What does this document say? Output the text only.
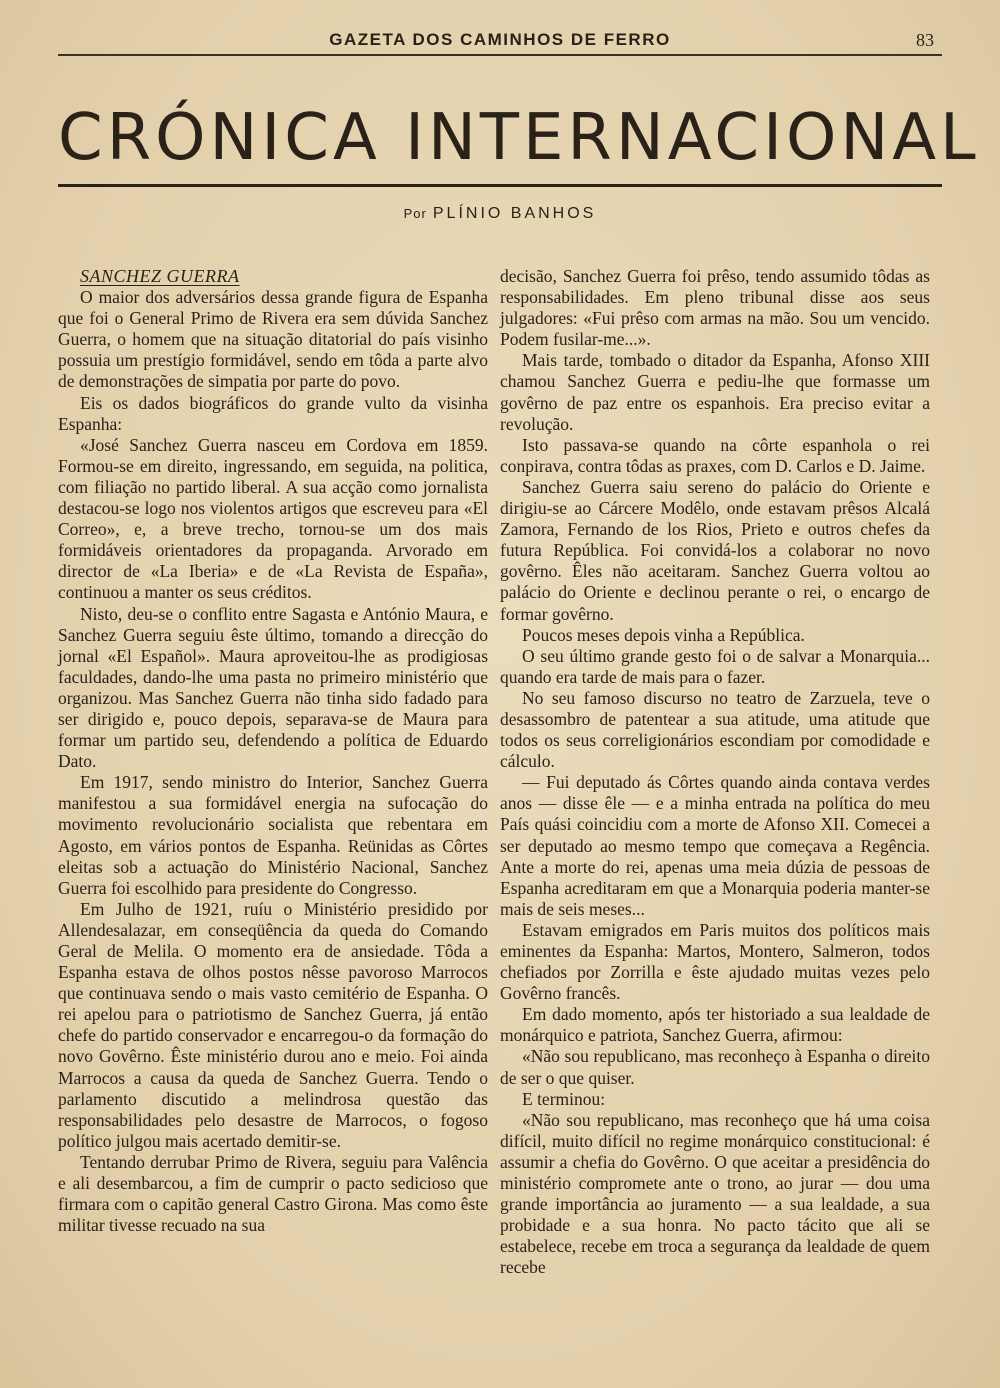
GAZETA DOS CAMINHOS DE FERRO	83
CRÓNICA INTERNACIONAL
Por PLÍNIO BANHOS

SANCHEZ GUERRA

O maior dos adversários dessa grande figura de Espanha que foi o General Primo de Rivera era sem dúvida Sanchez Guerra, o homem que na situação ditatorial do país visinho possuia um prestígio formidável, sendo em tôda a parte alvo de demonstrações de simpatia por parte do povo.

Eis os dados biográficos do grande vulto da visinha Espanha:

«José Sanchez Guerra nasceu em Cordova em 1859. Formou-se em direito, ingressando, em seguida, na politica, com filiação no partido liberal. A sua acção como jornalista destacou-se logo nos violentos artigos que escreveu para «El Correo», e, a breve trecho, tornou-se um dos mais formidáveis orientadores da propaganda. Arvorado em director de «La Iberia» e de «La Revista de España», continuou a manter os seus créditos.

Nisto, deu-se o conflito entre Sagasta e António Maura, e Sanchez Guerra seguiu êste último, tomando a direcção do jornal «El Español». Maura aproveitou-lhe as prodigiosas faculdades, dando-lhe uma pasta no primeiro ministério que organizou. Mas Sanchez Guerra não tinha sido fadado para ser dirigido e, pouco depois, separava-se de Maura para formar um partido seu, defendendo a política de Eduardo Dato.

Em 1917, sendo ministro do Interior, Sanchez Guerra manifestou a sua formidável energia na sufocação do movimento revolucionário socialista que rebentara em Agosto, em vários pontos de Espanha. Reünidas as Côrtes eleitas sob a actuação do Ministério Nacional, Sanchez Guerra foi escolhido para presidente do Congresso.

Em Julho de 1921, ruíu o Ministério presidido por Allendesalazar, em conseqüência da queda do Comando Geral de Melila. O momento era de ansiedade. Tôda a Espanha estava de olhos postos nêsse pavoroso Marrocos que continuava sendo o mais vasto cemitério de Espanha. O rei apelou para o patriotismo de Sanchez Guerra, já então chefe do partido conservador e encarregou-o da formação do novo Govêrno. Êste ministério durou ano e meio. Foi ainda Marrocos a causa da queda de Sanchez Guerra. Tendo o parlamento discutido a melindrosa questão das responsabilidades pelo desastre de Marrocos, o fogoso político julgou mais acertado demitir-se.

Tentando derrubar Primo de Rivera, seguiu para Valência e ali desembarcou, a fim de cumprir o pacto sedicioso que firmara com o capitão general Castro Girona. Mas como êste militar tivesse recuado na sua

decisão, Sanchez Guerra foi prêso, tendo assumido tôdas as responsabilidades. Em pleno tribunal disse aos seus julgadores: «Fui prêso com armas na mão. Sou um vencido. Podem fusilar-me...».

Mais tarde, tombado o ditador da Espanha, Afonso XIII chamou Sanchez Guerra e pediu-lhe que formasse um govêrno de paz entre os espanhois. Era preciso evitar a revolução.

Isto passava-se quando na côrte espanhola o rei conpirava, contra tôdas as praxes, com D. Carlos e D. Jaime.

Sanchez Guerra saiu sereno do palácio do Oriente e dirigiu-se ao Cárcere Modêlo, onde estavam prêsos Alcalá Zamora, Fernando de los Rios, Prieto e outros chefes da futura República. Foi convidá-los a colaborar no novo govêrno. Êles não aceitaram. Sanchez Guerra voltou ao palácio do Oriente e declinou perante o rei, o encargo de formar govêrno.

Poucos meses depois vinha a República.

O seu último grande gesto foi o de salvar a Monarquia... quando era tarde de mais para o fazer.

No seu famoso discurso no teatro de Zarzuela, teve o desassombro de patentear a sua atitude, uma atitude que todos os seus correligionários escondiam por comodidade e cálculo.

— Fui deputado ás Côrtes quando ainda contava verdes anos — disse êle — e a minha entrada na política do meu País quási coincidiu com a morte de Afonso XII. Comecei a ser deputado ao mesmo tempo que começava a Regência. Ante a morte do rei, apenas uma meia dúzia de pessoas de Espanha acreditaram em que a Monarquia poderia manter-se mais de seis meses...

Estavam emigrados em Paris muitos dos políticos mais eminentes da Espanha: Martos, Montero, Salmeron, todos chefiados por Zorrilla e êste ajudado muitas vezes pelo Govêrno francês.

Em dado momento, após ter historiado a sua lealdade de monárquico e patriota, Sanchez Guerra, afirmou:

«Não sou republicano, mas reconheço à Espanha o direito de ser o que quiser.

E terminou:

«Não sou republicano, mas reconheço que há uma coisa difícil, muito difícil no regime monárquico constitucional: é assumir a chefia do Govêrno. O que aceitar a presidência do ministério compromete ante o trono, ao jurar — dou uma grande importância ao juramento — a sua lealdade, a sua probidade e a sua honra. No pacto tácito que ali se estabelece, recebe em troca a segurança da lealdade de quem recebe
